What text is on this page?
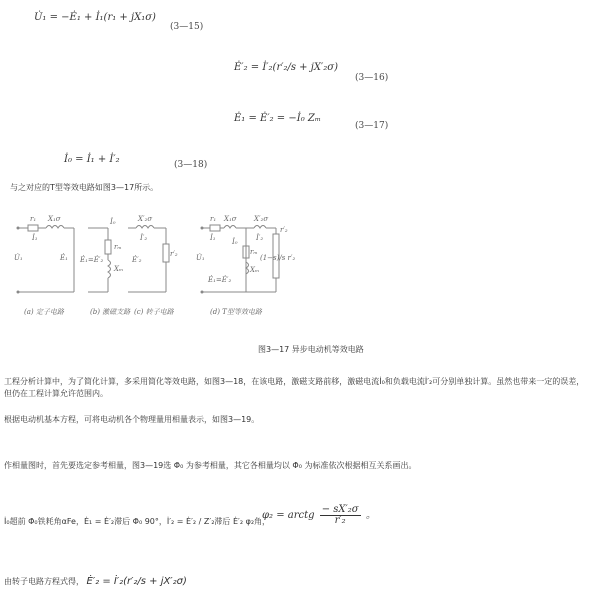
U̇₁ = −Ė₁ + İ₁(r₁ + jX₁σ)
(3—15)
Ė′₂ = İ′₂(r′₂/s + jX′₂σ)
(3—16)
Ė₁ = Ė′₂ = −İ₀ Zₘ
(3—17)
İ₀ = İ₁ + İ′₂	(3—18)
与之对应的T型等效电路如图3—17所示。
r₁ X₁σ
İ₁
U̇₁	Ė₁
İ₀
rₘ
Xₘ
Ė₁=Ė′₂
X′₂σ
r′₂
İ′₂
Ė′₂
r₁ X₁σ X′₂σ
r′₂
İ₁	İ′₂
İ₀
rₘ
Xₘ
U̇₁
Ė₁=Ė′₂
(1−s)/s r′₂
(a) 定子电路	(b) 激磁支路 (c) 转子电路	(d) T型等效电路
图3—17 异步电动机等效电路
工程分析计算中，为了简化计算，多采用简化等效电路，如图3—18，在该电路，激磁支路前移，激磁电流İ₀和负载电流İ′₂可分别单独计算。虽然也带来一定的误差，但仍在工程计算允许范围内。
根据电动机基本方程，可将电动机各个物理量用相量表示，如图3—19。
作相量图时，首先要选定参考相量，图3—19选 Φ̇₀ 为参考相量，其它各相量均以 Φ̇₀ 为标准依次根据相互关系画出。
İ₀超前 Φ̇₀铁耗角αFe，Ė₁ = Ė′₂滞后 Φ̇₀ 90°，İ′₂ = Ė′₂ / Z′₂滞后 Ė′₂ φ₂角，
φ₂ = arctg $\frac{\text{− sX′₂σ}}{\text{r′₂}}$ 。
由转子电路方程式得， Ė′₂ = İ′₂(r′₂/s + jX′₂σ)
